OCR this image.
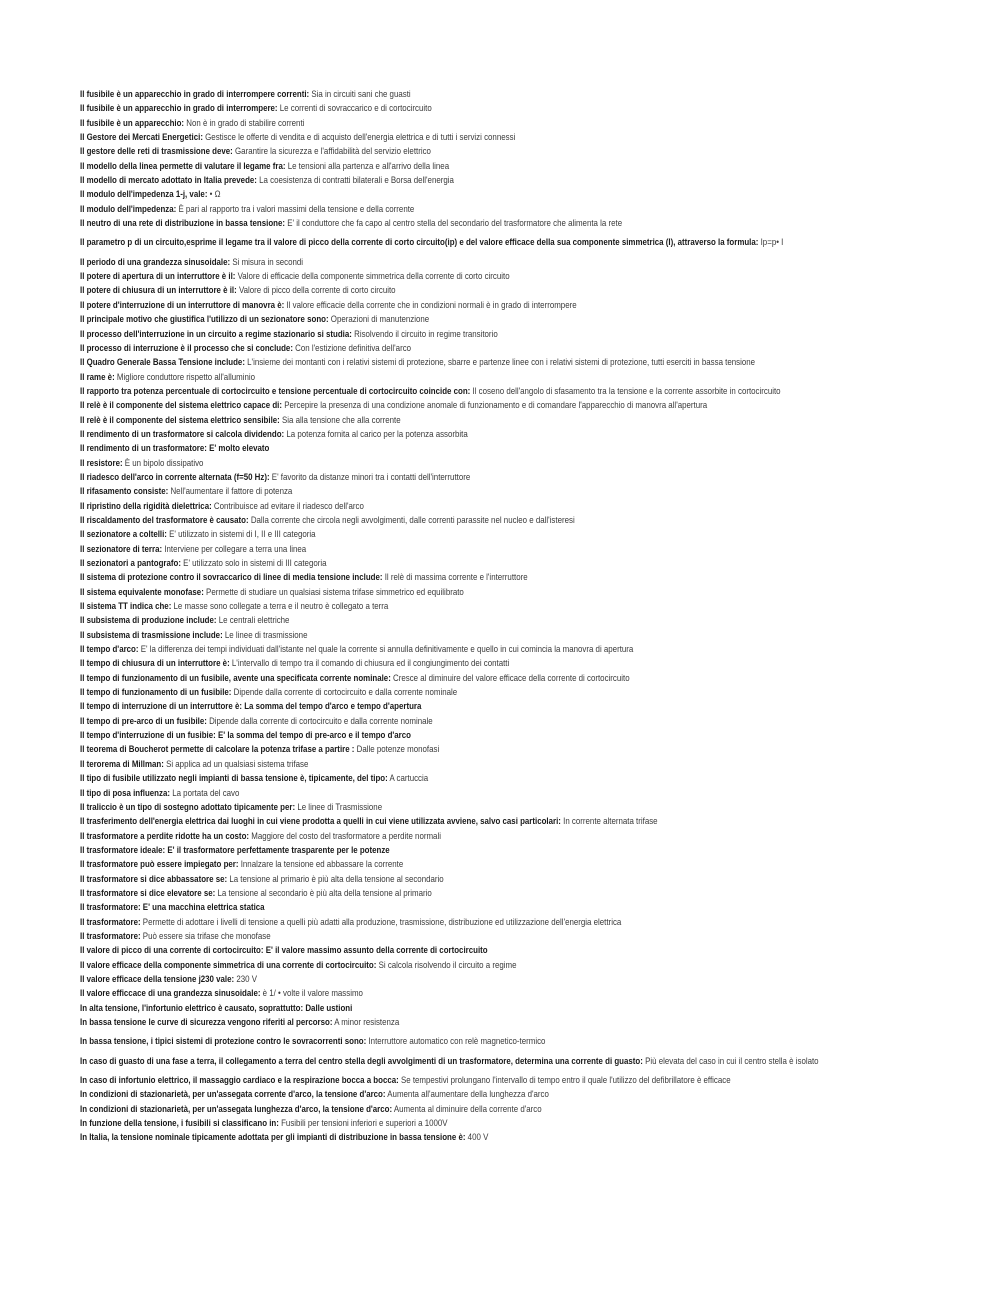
Il fusibile è un apparecchio in grado di interrompere correnti: Sia in circuiti sani che guasti
Il fusibile è un apparecchio in grado di interrompere: Le correnti di sovraccarico e di cortocircuito
Il fusibile è un apparecchio: Non è in grado di stabilire correnti
Il Gestore dei Mercati Energetici: Gestisce le offerte di vendita e di acquisto dell'energia elettrica e di tutti i servizi connessi
Il gestore delle reti di trasmissione deve: Garantire la sicurezza e l'affidabilità del servizio elettrico
Il modello della linea permette di valutare il legame fra: Le tensioni alla partenza e all'arrivo della linea
Il modello di mercato adottato in Italia prevede: La coesistenza di contratti bilaterali e Borsa dell'energia
Il modulo dell'impedenza 1-j, vale: • Ω
Il modulo dell'impedenza: È pari al rapporto tra i valori massimi della tensione e della corrente
Il neutro di una rete di distribuzione in bassa tensione: E' il conduttore che fa capo al centro stella del secondario del trasformatore che alimenta la rete
Il parametro p di un circuito,esprime il legame tra il valore di picco della corrente di corto circuito(ip) e del valore efficace della sua componente simmetrica (I), attraverso la formula: Ip=p• I
Il periodo di una grandezza sinusoidale: Si misura in secondi
Il potere di apertura di un interruttore è il: Valore di efficacie della componente simmetrica della corrente di corto circuito
Il potere di chiusura di un interruttore è il: Valore di picco della corrente di corto circuito
Il potere d'interruzione di un interruttore di manovra è: Il valore efficacie della corrente che in condizioni normali è in grado di interrompere
Il principale motivo che giustifica l'utilizzo di un sezionatore sono: Operazioni di manutenzione
Il processo dell'interruzione in un circuito a regime stazionario si studia: Risolvendo il circuito in regime transitorio
Il processo di interruzione è il processo che si conclude: Con l'estizione definitiva dell'arco
Il Quadro Generale Bassa Tensione include: L'insieme dei montanti con i relativi sistemi di protezione, sbarre e partenze linee con i relativi sistemi di protezione, tutti eserciti in bassa tensione
Il rame è: Migliore conduttore rispetto all'alluminio
Il rapporto tra potenza percentuale di cortocircuito e tensione percentuale di cortocircuito coincide con: Il coseno dell'angolo di sfasamento tra la tensione e la corrente assorbite in cortocircuito
Il relè è il componente del sistema elettrico capace di: Percepire la presenza di una condizione anomale di funzionamento e di comandare l'apparecchio di manovra all'apertura
Il relè è il componente del sistema elettrico sensibile: Sia alla tensione che alla corrente
Il rendimento di un trasformatore si calcola dividendo: La potenza fornita al carico per la potenza assorbita
Il rendimento di un trasformatore: E' molto elevato
Il resistore: È un bipolo dissipativo
Il riadesco dell'arco in corrente alternata (f=50 Hz): E' favorito da distanze minori tra i contatti dell'interruttore
Il rifasamento consiste: Nell'aumentare il fattore di potenza
Il ripristino della rigidità dielettrica: Contribuisce ad evitare il riadesco dell'arco
Il riscaldamento del trasformatore è causato: Dalla corrente che circola negli avvolgimenti, dalle correnti parassite nel nucleo e dall'isteresi
Il sezionatore a coltelli: E' utilizzato in sistemi di I, II e III categoria
Il sezionatore di terra: Interviene per collegare a terra una linea
Il sezionatori a pantografo: E' utilizzato solo in sistemi di III categoria
Il sistema di protezione contro il sovraccarico di linee di media tensione include: Il relè di massima corrente e l'interruttore
Il sistema equivalente monofase: Permette di studiare un qualsiasi sistema trifase simmetrico ed equilibrato
Il sistema TT indica che: Le masse sono collegate a terra e il neutro è collegato a terra
Il subsistema di produzione include: Le centrali elettriche
Il subsistema di trasmissione include: Le linee di trasmissione
Il tempo d'arco: E' la differenza dei tempi individuati dall'istante nel quale la corrente si annulla definitivamente e quello in cui comincia la manovra di apertura
Il tempo di chiusura di un interruttore è: L'intervallo di tempo tra il comando di chiusura ed il congiungimento dei contatti
Il tempo di funzionamento di un fusibile, avente una specificata corrente nominale: Cresce al diminuire del valore efficace della corrente di cortocircuito
Il tempo di funzionamento di un fusibile: Dipende dalla corrente di cortocircuito e dalla corrente nominale
Il tempo di interruzione di un interruttore è: La somma del tempo d'arco e tempo d'apertura
Il tempo di pre-arco di un fusibile: Dipende dalla corrente di cortocircuito e dalla corrente nominale
Il tempo d'interruzione di un fusibie: E' la somma del tempo di pre-arco e il tempo d'arco
Il teorema di Boucherot permette di calcolare la potenza trifase a partire : Dalle potenze monofasi
Il terorema di Millman: Si applica ad un qualsiasi sistema trifase
Il tipo di fusibile utilizzato negli impianti di bassa tensione è, tipicamente, del tipo: A cartuccia
Il tipo di posa influenza: La portata del cavo
Il traliccio è un tipo di sostegno adottato tipicamente per: Le linee di Trasmissione
Il trasferimento dell'energia elettrica dai luoghi in cui viene prodotta a quelli in cui viene utilizzata avviene, salvo casi particolari: In corrente alternata trifase
Il trasformatore a perdite ridotte ha un costo: Maggiore del costo del trasformatore a perdite normali
Il trasformatore ideale: E' il trasformatore perfettamente trasparente per le potenze
Il trasformatore può essere impiegato per: Innalzare la tensione ed abbassare la corrente
Il trasformatore si dice abbassatore se: La tensione al primario è più alta della tensione al secondario
Il trasformatore si dice elevatore se: La tensione al secondario è più alta della tensione al primario
Il trasformatore: E' una macchina elettrica statica
Il trasformatore: Permette di adottare i livelli di tensione a quelli più adatti alla produzione, trasmissione, distribuzione ed utilizzazione dell'energia elettrica
Il trasformatore: Può essere sia trifase che monofase
Il valore di picco di una corrente di cortocircuito: E' il valore massimo assunto della corrente di cortocircuito
Il valore efficace della componente simmetrica di una corrente di cortocircuito: Si calcola risolvendo il circuito a regime
Il valore efficace della tensione j230 vale: 230 V
Il valore efficcace di una grandezza sinusoidale: è 1/ • volte il valore massimo
In alta tensione, l'infortunio elettrico è causato, soprattutto: Dalle ustioni
In bassa tensione le curve di sicurezza vengono riferiti al percorso: A minor resistenza
In bassa tensione, i tipici sistemi di protezione contro le sovracorrenti sono: Interruttore automatico con relè magnetico-termico
In caso di guasto di una fase a terra, il collegamento a terra del centro stella degli avvolgimenti di un trasformatore, determina una corrente di guasto: Più elevata del caso in cui il centro stella è isolato
In caso di infortunio elettrico, il massaggio cardiaco e la respirazione bocca a bocca: Se tempestivi prolungano l'intervallo di tempo entro il quale l'utilizzo del defibrillatore è efficace
In condizioni di stazionarietà, per un'assegata corrente d'arco, la tensione d'arco: Aumenta all'aumentare della lunghezza d'arco
In condizioni di stazionarietà, per un'assegata lunghezza d'arco, la tensione d'arco: Aumenta al diminuire della corrente d'arco
In funzione della tensione, i fusibili si classificano in: Fusibili per tensioni inferiori e superiori a 1000V
In Italia, la tensione nominale tipicamente adottata per gli impianti di distribuzione in bassa tensione è: 400 V
